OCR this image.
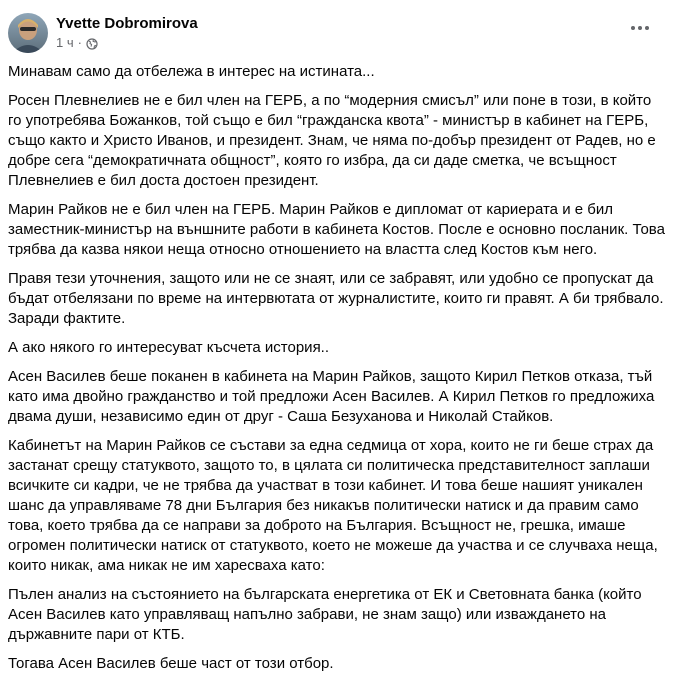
Yvette Dobromirova
1 ч ·

Минавам само да отбележа в интерес на истината...

Росен Плевнелиев не е бил член на ГЕРБ, а по “модерния смисъл” или поне в този, в който го употребява Божанков, той също е бил “гражданска квота” - министър в кабинет на ГЕРБ, също както и Христо Иванов, и президент. Знам, че няма по-добър президент от Радев, но е добре сега “демократичната общност”, която го избра, да си даде сметка, че всъщност Плевнелиев е бил доста достоен президент.

Марин Райков не е бил член на ГЕРБ. Марин Райков е дипломат от кариерата и е бил заместник-министър на външните работи в кабинета Костов. После е основно посланик. Това трябва да казва някои неща относно отношението на властта след Костов към него.

Правя тези уточнения, защото или не се знаят, или се забравят, или удобно се пропускат да бъдат отбелязани по време на интервютата от журналистите, които ги правят. А би трябвало. Заради фактите.

А ако някого го интересуват късчета история..

Асен Василев беше поканен в кабинета на Марин Райков, защото Кирил Петков отказа, тъй като има двойно гражданство и той предложи Асен Василев. А Кирил Петков го предложиха двама души, независимо един от друг - Саша Безуханова и Николай Стайков.

Кабинетът на Марин Райков се състави за една седмица от хора, които не ги беше страх да застанат срещу статуквото, защото то, в цялата си политическа представителност заплаши всичките си кадри, че не трябва да участват в този кабинет. И това беше нашият уникален шанс да управляваме 78 дни България без никакъв политически натиск и да правим само това, което трябва да се направи за доброто на България. Всъщност не, грешка, имаше огромен политически натиск от статуквото, което не можеше да участва и се случваха неща, които никак, ама никак не им харесваха като:

Пълен анализ на състоянието на българската енергетика от ЕК и Световната банка (който Асен Василев като управляващ напълно забрави, не знам защо) или изваждането на държавните пари от КТБ.

Тогава Асен Василев беше част от този отбор.
